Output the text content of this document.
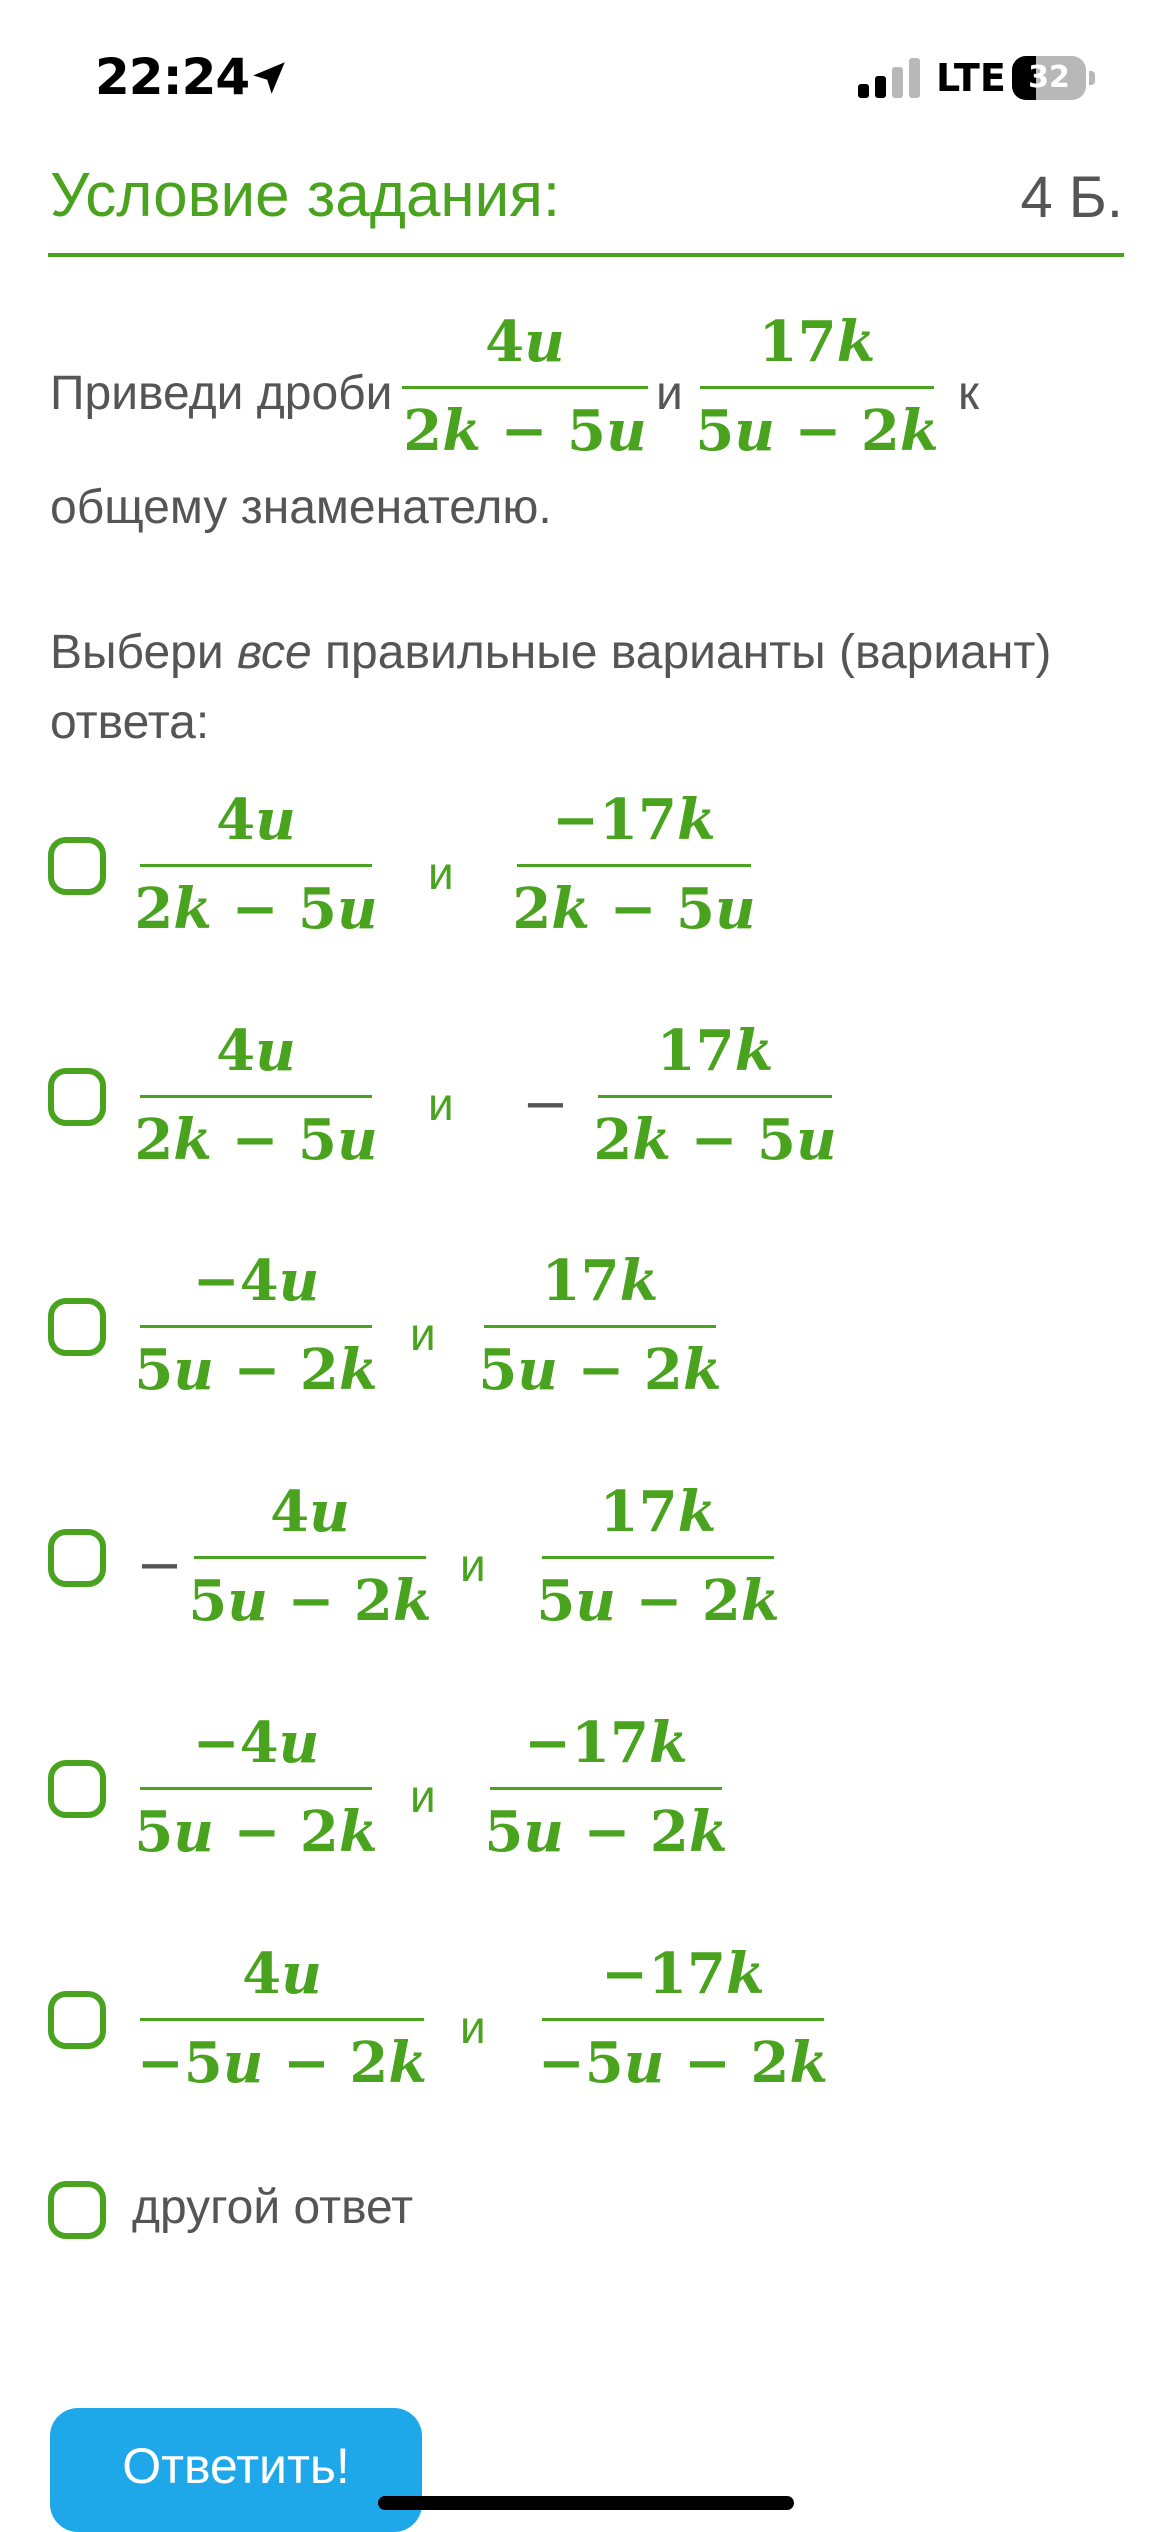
22:24	LTE 32
Условие задания:	4 Б.
Приведи дроби
4u
2k − 5u
и
17k
5u − 2k
к
общему знаменателю.
Выбери все правильные варианты (вариант)
ответа:
4u
2k − 5u
и
−17k
2k − 5u
4u
2k − 5u
и −
17k
2k − 5u
−4u
5u − 2k
и
17k
5u − 2k
−
4u
5u − 2k
и
17k
5u − 2k
−4u
5u − 2k
и
−17k
5u − 2k
4u
−5u − 2k
и
−17k
−5u − 2k
другой ответ
Ответить!
